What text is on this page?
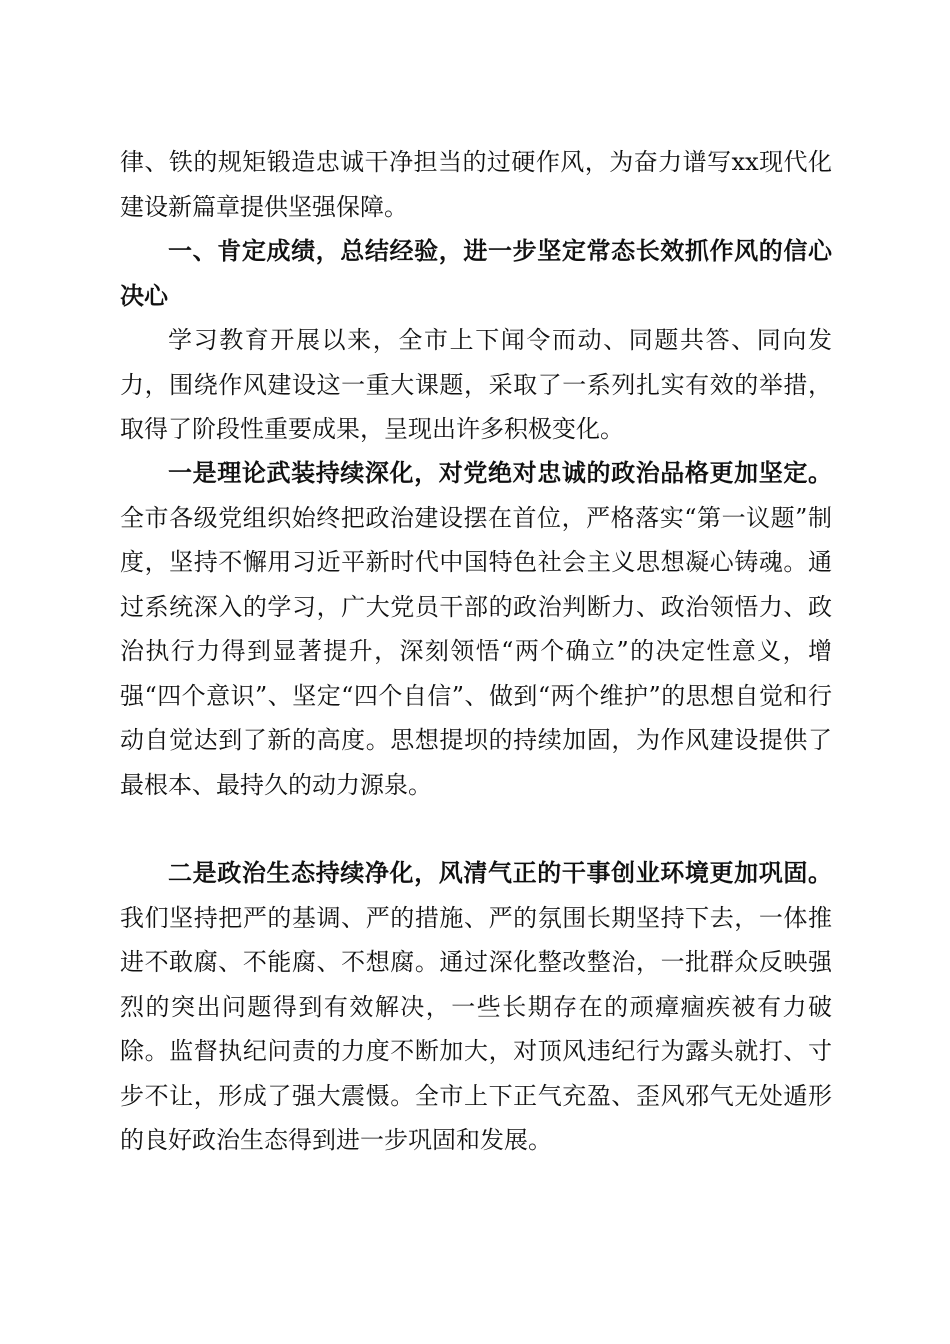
律、铁的规矩锻造忠诚干净担当的过硬作风，为奋力谱写xx现代化建设新篇章提供坚强保障。

一、肯定成绩，总结经验，进一步坚定常态长效抓作风的信心决心

学习教育开展以来，全市上下闻令而动、同题共答、同向发力，围绕作风建设这一重大课题，采取了一系列扎实有效的举措，取得了阶段性重要成果，呈现出许多积极变化。

一是理论武装持续深化，对党绝对忠诚的政治品格更加坚定。全市各级党组织始终把政治建设摆在首位，严格落实“第一议题”制度，坚持不懈用习近平新时代中国特色社会主义思想凝心铸魂。通过系统深入的学习，广大党员干部的政治判断力、政治领悟力、政治执行力得到显著提升，深刻领悟“两个确立”的决定性意义，增强“四个意识”、坚定“四个自信”、做到“两个维护”的思想自觉和行动自觉达到了新的高度。思想提坝的持续加固，为作风建设提供了最根本、最持久的动力源泉。

二是政治生态持续净化，风清气正的干事创业环境更加巩固。我们坚持把严的基调、严的措施、严的氛围长期坚持下去，一体推进不敢腐、不能腐、不想腐。通过深化整改整治，一批群众反映强烈的突出问题得到有效解决，一些长期存在的顽瘴痼疾被有力破除。监督执纪问责的力度不断加大，对顶风违纪行为露头就打、寸步不让，形成了强大震慑。全市上下正气充盈、歪风邪气无处遁形的良好政治生态得到进一步巩固和发展。
